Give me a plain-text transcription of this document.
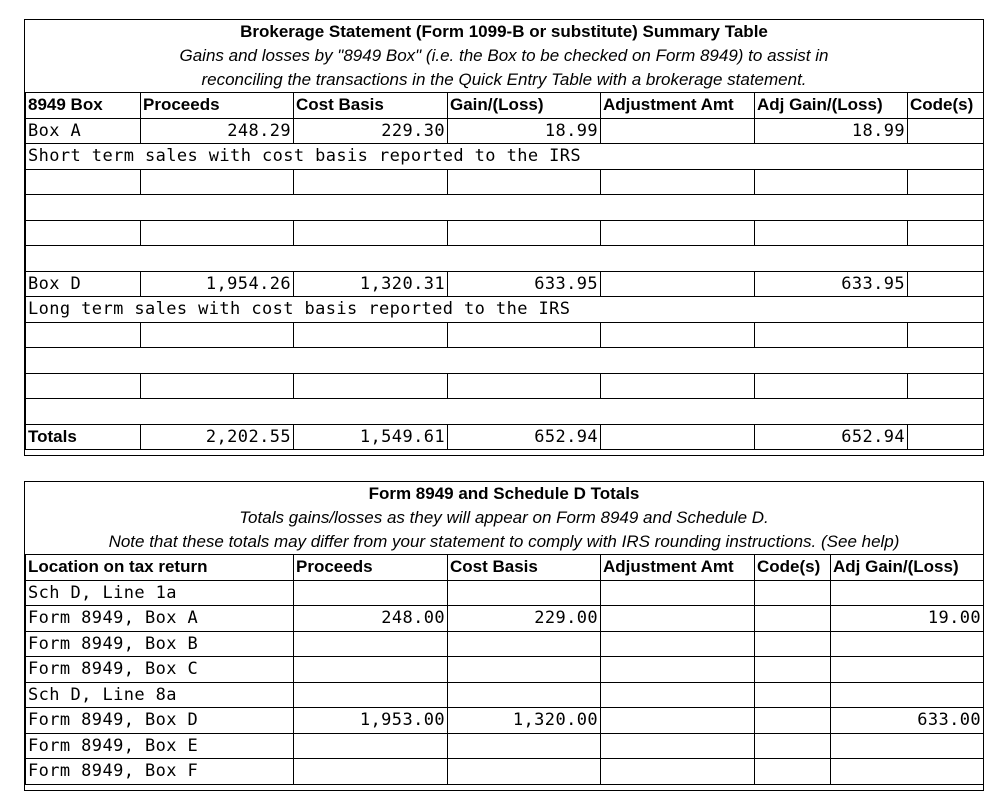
Brokerage Statement (Form 1099-B or substitute) Summary Table
Gains and losses by "8949 Box" (i.e. the Box to be checked on Form 8949) to assist in
reconciling the transactions in the Quick Entry Table with a brokerage statement.
8949 Box	Proceeds	Cost Basis	Gain/(Loss)	Adjustment Amt	Adj Gain/(Loss)	Code(s)
Box A	248.29	229.30	18.99		18.99	
Short term sales with cost basis reported to the IRS						

Box D	1,954.26	1,320.31	633.95		633.95	
Long term sales with cost basis reported to the IRS						

Totals	2,202.55	1,549.61	652.94		652.94	
Form 8949 and Schedule D Totals
Totals gains/losses as they will appear on Form 8949 and Schedule D.
Note that these totals may differ from your statement to comply with IRS rounding instructions. (See help)
Location on tax return	Proceeds	Cost Basis	Adjustment Amt	Code(s)	Adj Gain/(Loss)
Sch D, Line 1a					
Form 8949, Box A	248.00	229.00			19.00
Form 8949, Box B					
Form 8949, Box C					
Sch D, Line 8a					
Form 8949, Box D	1,953.00	1,320.00			633.00
Form 8949, Box E					
Form 8949, Box F					
